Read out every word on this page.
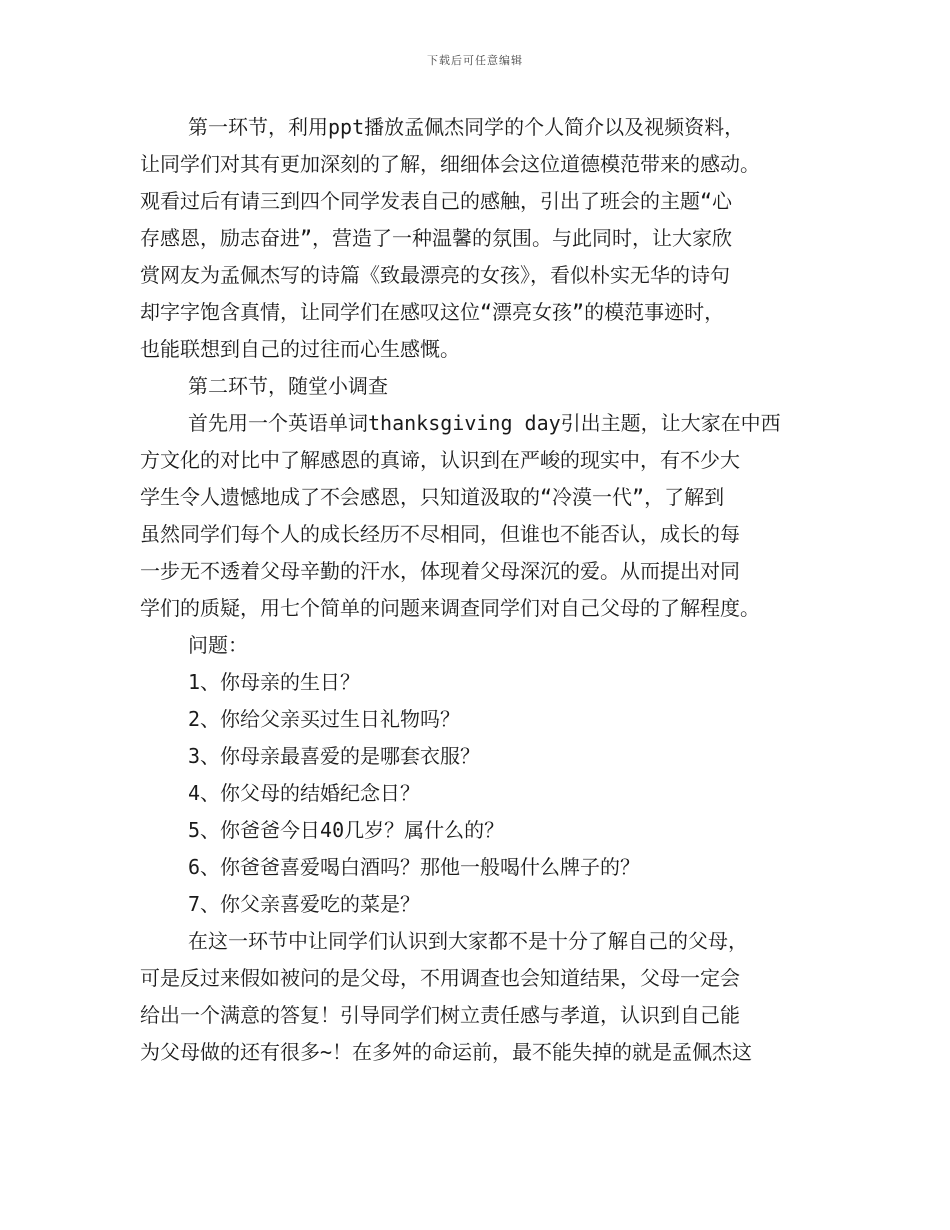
下载后可任意编辑
第一环节，利用ppt播放孟佩杰同学的个人简介以及视频资料，
让同学们对其有更加深刻的了解，细细体会这位道德模范带来的感动。
观看过后有请三到四个同学发表自己的感触，引出了班会的主题“心
存感恩，励志奋进”，营造了一种温馨的氛围。与此同时，让大家欣
赏网友为孟佩杰写的诗篇《致最漂亮的女孩》，看似朴实无华的诗句
却字字饱含真情，让同学们在感叹这位“漂亮女孩”的模范事迹时，
也能联想到自己的过往而心生感慨。
第二环节，随堂小调查
首先用一个英语单词thanksgiving day引出主题，让大家在中西
方文化的对比中了解感恩的真谛，认识到在严峻的现实中，有不少大
学生令人遗憾地成了不会感恩，只知道汲取的“冷漠一代”，了解到
虽然同学们每个人的成长经历不尽相同，但谁也不能否认，成长的每
一步无不透着父母辛勤的汗水，体现着父母深沉的爱。从而提出对同
学们的质疑，用七个简单的问题来调查同学们对自己父母的了解程度。
问题：
1、你母亲的生日？
2、你给父亲买过生日礼物吗？
3、你母亲最喜爱的是哪套衣服？
4、你父母的结婚纪念日？
5、你爸爸今日40几岁？属什么的？
6、你爸爸喜爱喝白酒吗？那他一般喝什么牌子的？
7、你父亲喜爱吃的菜是？
在这一环节中让同学们认识到大家都不是十分了解自己的父母，
可是反过来假如被问的是父母，不用调查也会知道结果，父母一定会
给出一个满意的答复！引导同学们树立责任感与孝道，认识到自己能
为父母做的还有很多~！在多舛的命运前，最不能失掉的就是孟佩杰这
